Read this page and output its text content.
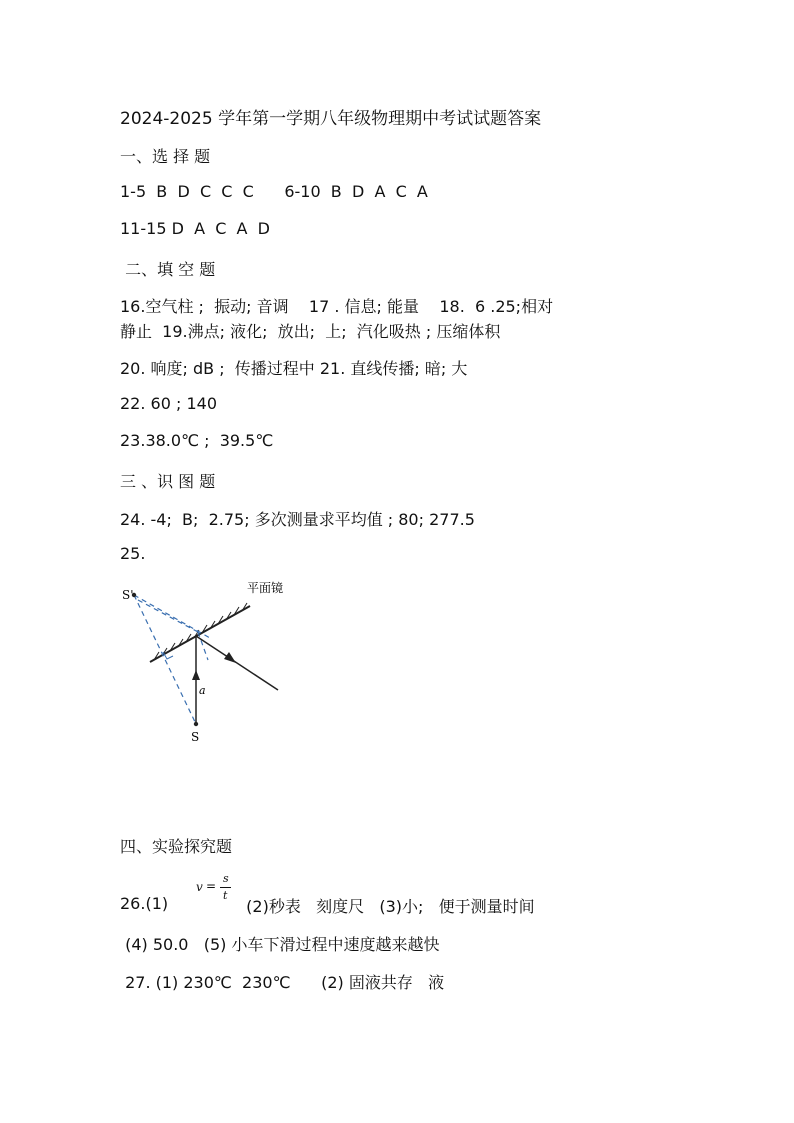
2024-2025 学年第一学期八年级物理期中考试试题答案
一、选 择 题
1-5  B  D  C  C  C      6-10  B  D  A  C  A
11-15 D  A  C  A  D
二、填 空 题
16.空气柱 ;  振动; 音调    17 . 信息; 能量    18.  6 .25;相对
静止  19.沸点; 液化;  放出;  上;  汽化吸热 ; 压缩体积
20. 响度; dB ;  传播过程中 21. 直线传播; 暗; 大
22. 60 ; 140
23.38.0℃ ;  39.5℃
三 、识 图 题
24. -4;  B;  2.75; 多次测量求平均值 ; 80; 277.5
25.
S'
S
a
平面镜
四、实验探究题
26.(1)
v =
s
t
(2)秒表   刻度尺   (3)小;   便于测量时间
(4) 50.0   (5) 小车下滑过程中速度越来越快
27. (1) 230℃  230℃      (2) 固液共存   液
